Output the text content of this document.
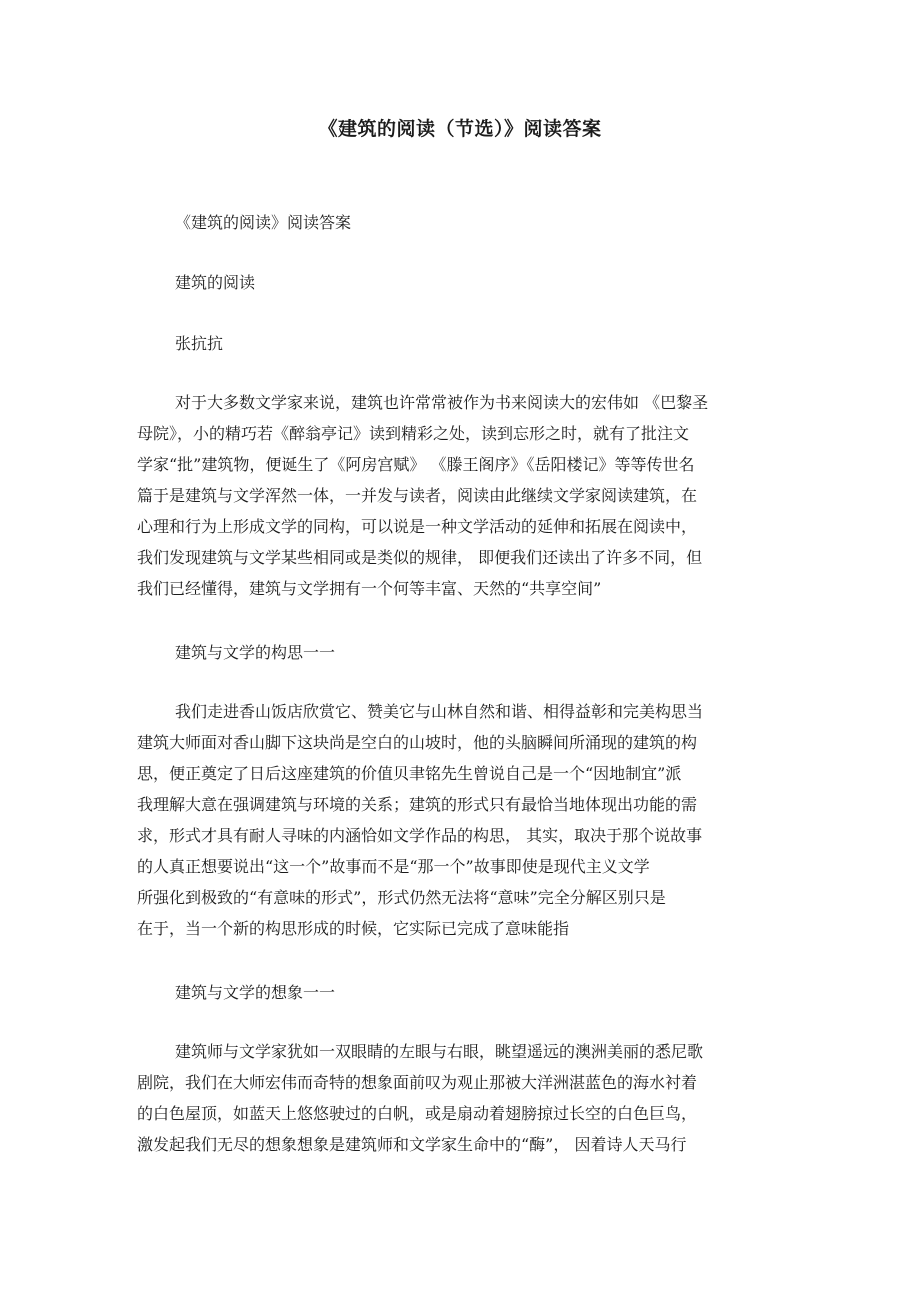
《建筑的阅读（节选）》阅读答案

《建筑的阅读》阅读答案

建筑的阅读

张抗抗

对于大多数文学家来说，建筑也许常常被作为书来阅读大的宏伟如 《巴黎圣
母院》，小的精巧若《醉翁亭记》读到精彩之处，读到忘形之时，就有了批注文
学家“批”建筑物，便诞生了《阿房宫赋》 《滕王阁序》《岳阳楼记》等等传世名
篇于是建筑与文学浑然一体，一并发与读者，阅读由此继续文学家阅读建筑，在
心理和行为上形成文学的同构，可以说是一种文学活动的延伸和拓展在阅读中，
我们发现建筑与文学某些相同或是类似的规律， 即便我们还读出了许多不同，但
我们已经懂得，建筑与文学拥有一个何等丰富、天然的“共享空间”

建筑与文学的构思一一

我们走进香山饭店欣赏它、赞美它与山林自然和谐、相得益彰和完美构思当
建筑大师面对香山脚下这块尚是空白的山坡时，他的头脑瞬间所涌现的建筑的构
思，便正奠定了日后这座建筑的价值贝聿铭先生曾说自己是一个“因地制宜”派
我理解大意在强调建筑与环境的关系；建筑的形式只有最恰当地体现出功能的需
求，形式才具有耐人寻味的内涵恰如文学作品的构思， 其实，取决于那个说故事
的人真正想要说出“这一个”故事而不是“那一个”故事即使是现代主义文学
所强化到极致的“有意味的形式”，形式仍然无法将“意味”完全分解区别只是
在于，当一个新的构思形成的时候，它实际已完成了意味能指

建筑与文学的想象一一

建筑师与文学家犹如一双眼睛的左眼与右眼，眺望遥远的澳洲美丽的悉尼歌
剧院，我们在大师宏伟而奇特的想象面前叹为观止那被大洋洲湛蓝色的海水衬着
的白色屋顶，如蓝天上悠悠驶过的白帆，或是扇动着翅膀掠过长空的白色巨鸟，
激发起我们无尽的想象想象是建筑师和文学家生命中的“酶”， 因着诗人天马行
